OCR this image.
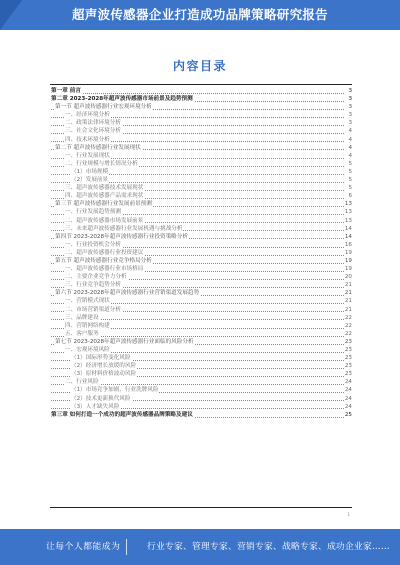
超声波传感器企业打造成功品牌策略研究报告
内容目录
第一章 前言	3
第二章 2023-2028年超声波传感器市场前景及趋势预测	3
第一节 超声波传感器行业宏观环境分析	3
一、经济环境分析	3
二、政策法律环境分析	3
三、社会文化环境分析	4
四、技术环境分析	4
第二节 超声波传感器行业发展现状	4
一、行业发展现状	4
二、行业规模与增长情况分析	5
（1）市场规模	5
（2）发展前景	5
三、超声波传感器技术发展现状	5
四、超声波传感器产品需求现状	6
第三节 超声波传感器行业发展前景预测	13
一、行业发展趋势预测	13
二、超声波传感器市场发展前景	13
三、未来超声波传感器行业发展机遇与挑战分析	14
第四节 2023-2028年超声波传感器行业投资策略分析	14
一、行业投资机会分析	16
二、超声波传感器行业投资建议	19
第五节 超声波传感器行业竞争格局分析	19
一、超声波传感器行业市场格局	19
二、主要企业竞争力分析	20
三、行业竞争趋势分析	21
第六节 2023-2028年超声波传感器行业营销渠道发展趋势	21
一、营销模式现状	21
二、市场营销渠道分析	21
三、品牌建设	22
四、营销网络构建	22
五、客户服务	22
第七节 2023-2028年超声波传感器行业面临的风险分析	23
一、宏观环境风险	23
（1）国际形势变化风险	23
（2）经济增长放缓的风险	23
（3）原材料价格波动风险	23
二、行业风险	24
（1）市场竞争加剧、行业洗牌风险	24
（2）技术更新换代风险	24
（3）人才缺失风险	24
第三章 如何打造一个成功的超声波传感器品牌策略及建议	25
1
让每个人都能成为	行业专家、管理专家、营销专家、战略专家、成功企业家……
